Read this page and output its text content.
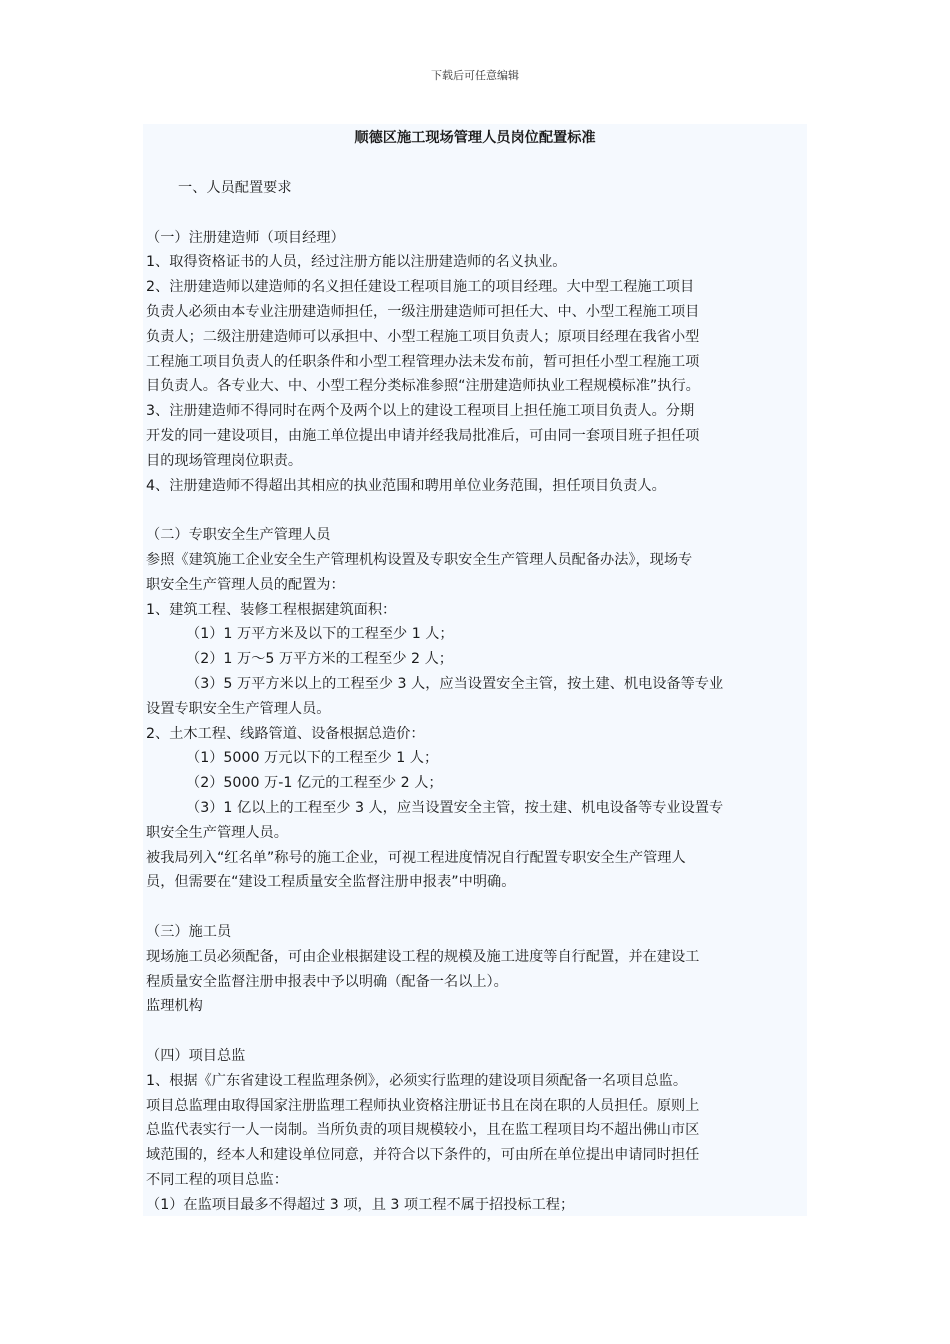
下载后可任意编辑
顺德区施工现场管理人员岗位配置标准
一、人员配置要求
（一）注册建造师（项目经理）
1、取得资格证书的人员，经过注册方能以注册建造师的名义执业。
2、注册建造师以建造师的名义担任建设工程项目施工的项目经理。大中型工程施工项目
负责人必须由本专业注册建造师担任，一级注册建造师可担任大、中、小型工程施工项目
负责人；二级注册建造师可以承担中、小型工程施工项目负责人；原项目经理在我省小型
工程施工项目负责人的任职条件和小型工程管理办法未发布前，暂可担任小型工程施工项
目负责人。各专业大、中、小型工程分类标准参照“注册建造师执业工程规模标准”执行。
3、注册建造师不得同时在两个及两个以上的建设工程项目上担任施工项目负责人。分期
开发的同一建设项目，由施工单位提出申请并经我局批准后，可由同一套项目班子担任项
目的现场管理岗位职责。
4、注册建造师不得超出其相应的执业范围和聘用单位业务范围，担任项目负责人。
（二）专职安全生产管理人员
参照《建筑施工企业安全生产管理机构设置及专职安全生产管理人员配备办法》，现场专
职安全生产管理人员的配置为：
1、建筑工程、装修工程根据建筑面积：
（1）1 万平方米及以下的工程至少 1 人；
（2）1 万～5 万平方米的工程至少 2 人；
（3）5 万平方米以上的工程至少 3 人，应当设置安全主管，按土建、机电设备等专业
设置专职安全生产管理人员。
2、土木工程、线路管道、设备根据总造价：
（1）5000 万元以下的工程至少 1 人；
（2）5000 万-1 亿元的工程至少 2 人；
（3）1 亿以上的工程至少 3 人，应当设置安全主管，按土建、机电设备等专业设置专
职安全生产管理人员。
被我局列入“红名单”称号的施工企业，可视工程进度情况自行配置专职安全生产管理人
员，但需要在“建设工程质量安全监督注册申报表”中明确。
（三）施工员
现场施工员必须配备，可由企业根据建设工程的规模及施工进度等自行配置，并在建设工
程质量安全监督注册申报表中予以明确（配备一名以上）。
监理机构
（四）项目总监
1、根据《广东省建设工程监理条例》，必须实行监理的建设项目须配备一名项目总监。
项目总监理由取得国家注册监理工程师执业资格注册证书且在岗在职的人员担任。原则上
总监代表实行一人一岗制。当所负责的项目规模较小，且在监工程项目均不超出佛山市区
域范围的，经本人和建设单位同意，并符合以下条件的，可由所在单位提出申请同时担任
不同工程的项目总监：
（1）在监项目最多不得超过 3 项，且 3 项工程不属于招投标工程；
